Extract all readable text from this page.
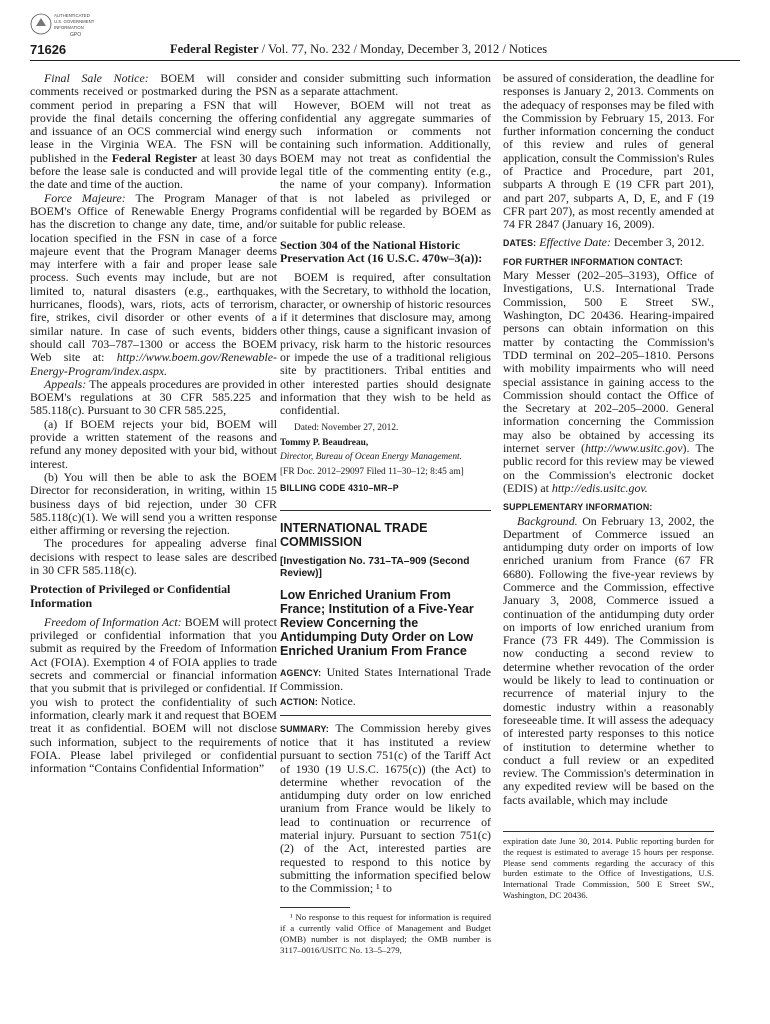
AUTHENTICATED
U.S. GOVERNMENT
INFORMATION
GPO
71626	Federal Register / Vol. 77, No. 232 / Monday, December 3, 2012 / Notices

Final Sale Notice: BOEM will consider comments received or postmarked during the PSN comment period in preparing a FSN that will provide the final details concerning the offering and issuance of an OCS commercial wind energy lease in the Virginia WEA. The FSN will be published in the Federal Register at least 30 days before the lease sale is conducted and will provide the date and time of the auction.

Force Majeure: The Program Manager of BOEM's Office of Renewable Energy Programs has the discretion to change any date, time, and/or location specified in the FSN in case of a force majeure event that the Program Manager deems may interfere with a fair and proper lease sale process. Such events may include, but are not limited to, natural disasters (e.g., earthquakes, hurricanes, floods), wars, riots, acts of terrorism, fire, strikes, civil disorder or other events of a similar nature. In case of such events, bidders should call 703–787–1300 or access the BOEM Web site at: http://www.boem.gov/Renewable-Energy-Program/index.aspx.

Appeals: The appeals procedures are provided in BOEM's regulations at 30 CFR 585.225 and 585.118(c). Pursuant to 30 CFR 585.225,

(a) If BOEM rejects your bid, BOEM will provide a written statement of the reasons and refund any money deposited with your bid, without interest.

(b) You will then be able to ask the BOEM Director for reconsideration, in writing, within 15 business days of bid rejection, under 30 CFR 585.118(c)(1). We will send you a written response either affirming or reversing the rejection.

The procedures for appealing adverse final decisions with respect to lease sales are described in 30 CFR 585.118(c).

Protection of Privileged or Confidential Information

Freedom of Information Act: BOEM will protect privileged or confidential information that you submit as required by the Freedom of Information Act (FOIA). Exemption 4 of FOIA applies to trade secrets and commercial or financial information that you submit that is privileged or confidential. If you wish to protect the confidentiality of such information, clearly mark it and request that BOEM treat it as confidential. BOEM will not disclose such information, subject to the requirements of FOIA. Please label privileged or confidential information “Contains Confidential Information”

and consider submitting such information as a separate attachment.

However, BOEM will not treat as confidential any aggregate summaries of such information or comments not containing such information. Additionally, BOEM may not treat as confidential the legal title of the commenting entity (e.g., the name of your company). Information that is not labeled as privileged or confidential will be regarded by BOEM as suitable for public release.

Section 304 of the National Historic Preservation Act (16 U.S.C. 470w–3(a)):

BOEM is required, after consultation with the Secretary, to withhold the location, character, or ownership of historic resources if it determines that disclosure may, among other things, cause a significant invasion of privacy, risk harm to the historic resources or impede the use of a traditional religious site by practitioners. Tribal entities and other interested parties should designate information that they wish to be held as confidential.

Dated: November 27, 2012.

Tommy P. Beaudreau,

Director, Bureau of Ocean Energy Management.

[FR Doc. 2012–29097 Filed 11–30–12; 8:45 am]

BILLING CODE 4310–MR–P

INTERNATIONAL TRADE COMMISSION
[Investigation No. 731–TA–909 (Second Review)]
Low Enriched Uranium From France; Institution of a Five-Year Review Concerning the Antidumping Duty Order on Low Enriched Uranium From France

AGENCY: United States International Trade Commission.

ACTION: Notice.

SUMMARY: The Commission hereby gives notice that it has instituted a review pursuant to section 751(c) of the Tariff Act of 1930 (19 U.S.C. 1675(c)) (the Act) to determine whether revocation of the antidumping duty order on low enriched uranium from France would be likely to lead to continuation or recurrence of material injury. Pursuant to section 751(c)(2) of the Act, interested parties are requested to respond to this notice by submitting the information specified below to the Commission; ¹ to

¹ No response to this request for information is required if a currently valid Office of Management and Budget (OMB) number is not displayed; the OMB number is 3117–0016/USITC No. 13–5–279,

be assured of consideration, the deadline for responses is January 2, 2013. Comments on the adequacy of responses may be filed with the Commission by February 15, 2013. For further information concerning the conduct of this review and rules of general application, consult the Commission's Rules of Practice and Procedure, part 201, subparts A through E (19 CFR part 201), and part 207, subparts A, D, E, and F (19 CFR part 207), as most recently amended at 74 FR 2847 (January 16, 2009).

DATES: Effective Date: December 3, 2012.

FOR FURTHER INFORMATION CONTACT:

Mary Messer (202–205–3193), Office of Investigations, U.S. International Trade Commission, 500 E Street SW., Washington, DC 20436. Hearing-impaired persons can obtain information on this matter by contacting the Commission's TDD terminal on 202–205–1810. Persons with mobility impairments who will need special assistance in gaining access to the Commission should contact the Office of the Secretary at 202–205–2000. General information concerning the Commission may also be obtained by accessing its internet server (http://www.usitc.gov). The public record for this review may be viewed on the Commission's electronic docket (EDIS) at http://edis.usitc.gov.

SUPPLEMENTARY INFORMATION:

Background. On February 13, 2002, the Department of Commerce issued an antidumping duty order on imports of low enriched uranium from France (67 FR 6680). Following the five-year reviews by Commerce and the Commission, effective January 3, 2008, Commerce issued a continuation of the antidumping duty order on imports of low enriched uranium from France (73 FR 449). The Commission is now conducting a second review to determine whether revocation of the order would be likely to lead to continuation or recurrence of material injury to the domestic industry within a reasonably foreseeable time. It will assess the adequacy of interested party responses to this notice of institution to determine whether to conduct a full review or an expedited review. The Commission's determination in any expedited review will be based on the facts available, which may include

expiration date June 30, 2014. Public reporting burden for the request is estimated to average 15 hours per response. Please send comments regarding the accuracy of this burden estimate to the Office of Investigations, U.S. International Trade Commission, 500 E Street SW., Washington, DC 20436.
